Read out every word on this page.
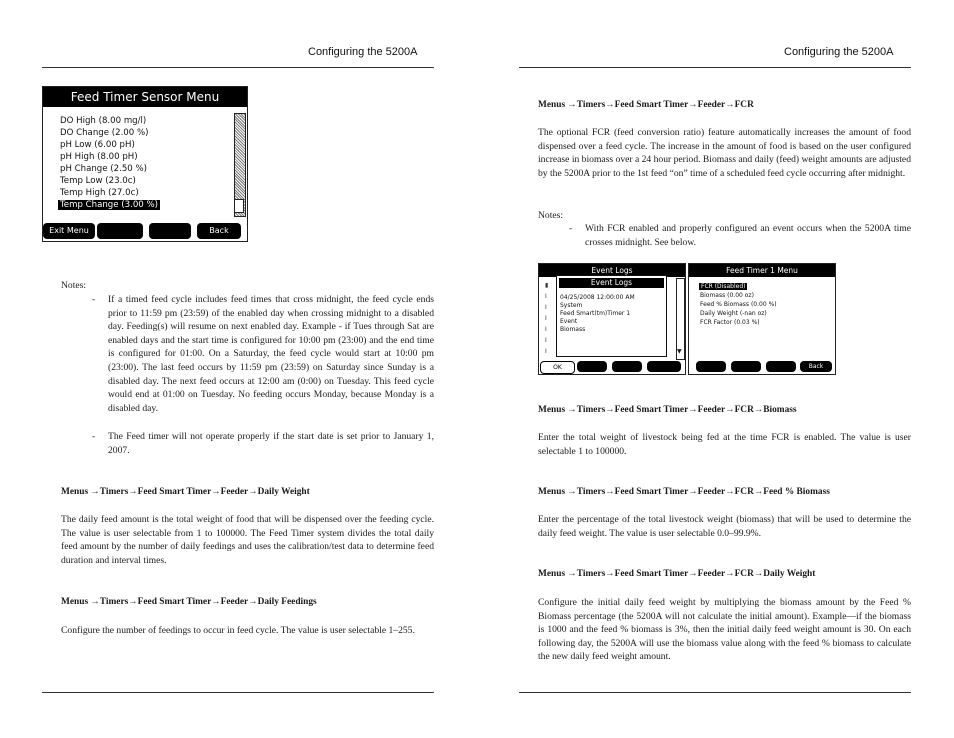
Configuring the 5200A
Feed Timer Sensor Menu
DO High (8.00 mg/l)
DO Change (2.00 %)
pH Low (6.00 pH)
pH High (8.00 pH)
pH Change (2.50 %)
Temp Low (23.0c)
Temp High (27.0c)
Temp Change (3.00 %)
Exit Menu	Back

Notes:

- If a timed feed cycle includes feed times that cross midnight, the feed cycle ends prior to 11:59 pm (23:59) of the enabled day when crossing midnight to a disabled day. Feeding(s) will resume on next enabled day. Example - if Tues through Sat are enabled days and the start time is configured for 10:00 pm (23:00) and the end time is configured for 01:00. On a Saturday, the feed cycle would start at 10:00 pm (23:00). The last feed occurs by 11:59 pm (23:59) on Saturday since Sunday is a disabled day. The next feed occurs at 12:00 am (0:00) on Tuesday. This feed cycle would end at 01:00 on Tuesday. No feeding occurs Monday, because Monday is a disabled day.

- The Feed timer will not operate properly if the start date is set prior to January 1, 2007.

Menus →Timers→Feed Smart Timer→Feeder→Daily Weight

The daily feed amount is the total weight of food that will be dispensed over the feeding cycle. The value is user selectable from 1 to 100000. The Feed Timer system divides the total daily feed amount by the number of daily feedings and uses the calibration/test data to determine feed duration and interval times.

Menus →Timers→Feed Smart Timer→Feeder→Daily Feedings

Configure the number of feedings to occur in feed cycle. The value is user selectable 1–255.

Configuring the 5200A

Menus →Timers→Feed Smart Timer→Feeder→FCR

The optional FCR (feed conversion ratio) feature automatically increases the amount of food dispensed over a feed cycle. The increase in the amount of food is based on the user configured increase in biomass over a 24 hour period. Biomass and daily (feed) weight amounts are adjusted by the 5200A prior to the 1st feed “on” time of a scheduled feed cycle occurring after midnight.

Notes:

- With FCR enabled and properly configured an event occurs when the 5200A time crosses midnight. See below.

Event Logs
▮
I
I
I
I
I
I
Event Logs
04/25/2008 12:00:00 AM
System
Feed Smart(tm)Timer 1
Event
Biomass
▼
OK
Feed Timer 1 Menu
FCR (Disabled)
Biomass (0.00 oz)
Feed % Biomass (0.00 %)
Daily Weight (-nan oz)
FCR Factor (0.03 %)
Back

Menus →Timers→Feed Smart Timer→Feeder→FCR→Biomass

Enter the total weight of livestock being fed at the time FCR is enabled. The value is user selectable 1 to 100000.

Menus →Timers→Feed Smart Timer→Feeder→FCR→Feed % Biomass

Enter the percentage of the total livestock weight (biomass) that will be used to determine the daily feed weight. The value is user selectable 0.0–99.9%.

Menus →Timers→Feed Smart Timer→Feeder→FCR→Daily Weight

Configure the initial daily feed weight by multiplying the biomass amount by the Feed % Biomass percentage (the 5200A will not calculate the initial amount). Example—if the biomass is 1000 and the feed % biomass is 3%, then the initial daily feed weight amount is 30. On each following day, the 5200A will use the biomass value along with the feed % biomass to calculate the new daily feed weight amount.
